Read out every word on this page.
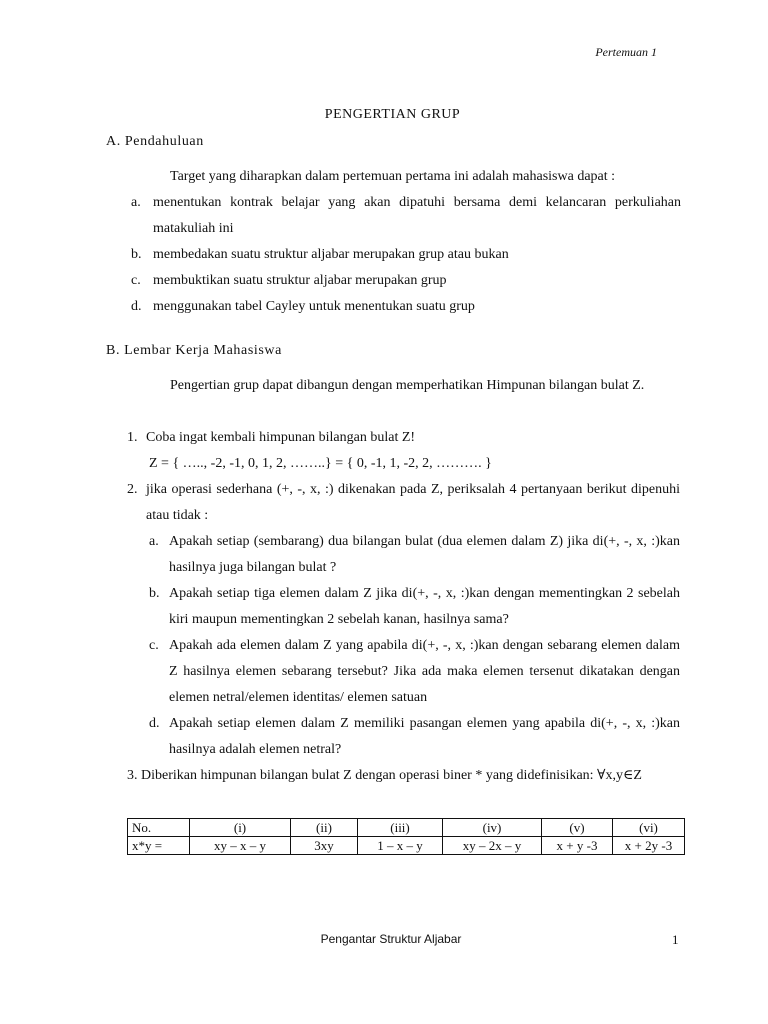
Pertemuan 1
PENGERTIAN GRUP
A. Pendahuluan
Target yang diharapkan dalam pertemuan pertama ini adalah mahasiswa dapat :
a. menentukan kontrak belajar yang akan dipatuhi bersama demi kelancaran perkuliahan matakuliah ini
b. membedakan suatu struktur aljabar merupakan grup atau bukan
c. membuktikan suatu struktur aljabar merupakan grup
d. menggunakan tabel Cayley untuk menentukan suatu grup
B. Lembar Kerja Mahasiswa
Pengertian grup dapat dibangun dengan memperhatikan Himpunan bilangan bulat Z.
1. Coba ingat kembali himpunan bilangan bulat Z!
Z = { ….., -2, -1, 0, 1, 2, ……..} = { 0, -1, 1, -2, 2, ………. }
2. jika operasi sederhana (+, -, x, :) dikenakan pada Z, periksalah 4 pertanyaan berikut dipenuhi atau tidak :
a. Apakah setiap (sembarang) dua bilangan bulat (dua elemen dalam Z) jika di(+, -, x, :)kan hasilnya juga bilangan bulat ?
b. Apakah setiap tiga elemen dalam Z jika di(+, -, x, :)kan dengan mementingkan 2 sebelah kiri maupun mementingkan 2 sebelah kanan, hasilnya sama?
c. Apakah ada elemen dalam Z yang apabila di(+, -, x, :)kan dengan sebarang elemen dalam Z hasilnya elemen sebarang tersebut? Jika ada maka elemen tersenut dikatakan dengan elemen netral/elemen identitas/ elemen satuan
d. Apakah setiap elemen dalam Z memiliki pasangan elemen yang apabila di(+, -, x, :)kan hasilnya adalah elemen netral?
3. Diberikan himpunan bilangan bulat Z dengan operasi biner * yang didefinisikan: ∀x,y∈Z
No.	(i)	(ii)	(iii)	(iv)	(v)	(vi)
x*y =	xy – x – y	3xy	1 – x – y	xy – 2x – y	x + y -3	x + 2y -3
Pengantar Struktur Aljabar	1
